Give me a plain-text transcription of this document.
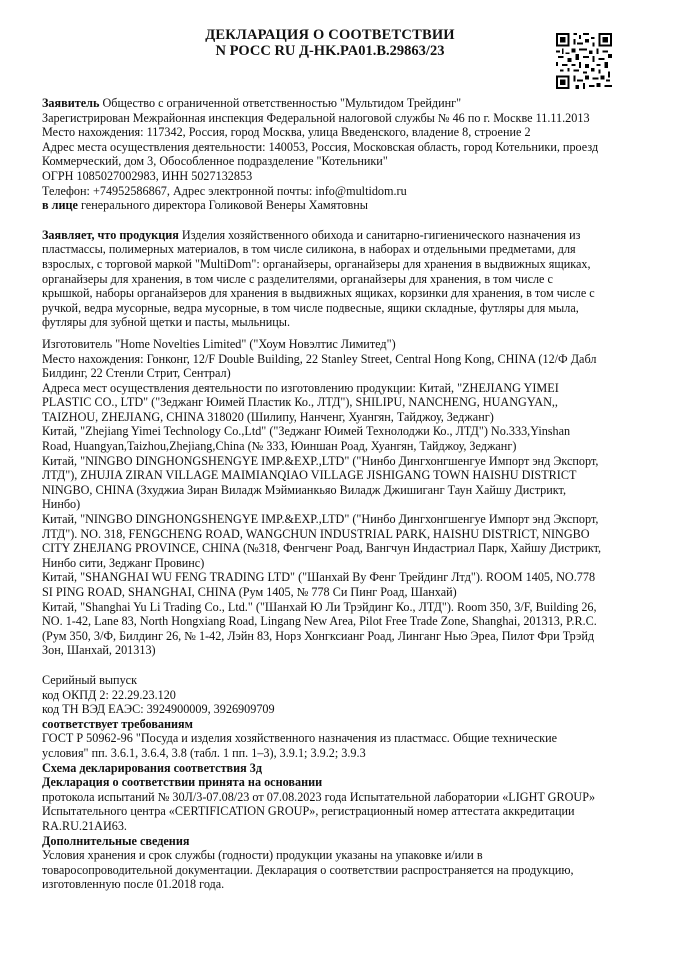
ДЕКЛАРАЦИЯ О СООТВЕТСТВИИ
N РОСС RU Д-HK.PA01.B.29863/23

Заявитель Общество с ограниченной ответственностью "Мультидом Трейдинг"

Зарегистрирован Межрайонная инспекция Федеральной налоговой службы № 46 по г. Москве 11.11.2013

Место нахождения: 117342, Россия, город Москва, улица Введенского, владение 8, строение 2

Адрес места осуществления деятельности: 140053, Россия, Московская область, город Котельники, проезд

Коммерческий, дом 3, Обособленное подразделение "Котельники"

ОГРН 1085027002983, ИНН 5027132853

Телефон: +74952586867, Адрес электронной почты: info@multidom.ru

в лице генерального директора Голиковой Венеры Хамятовны

Заявляет, что продукция Изделия хозяйственного обихода и санитарно-гигиенического назначения из

пластмассы, полимерных материалов, в том числе силикона, в наборах и отдельными предметами, для

взрослых, с торговой маркой "MultiDom": органайзеры, органайзеры для хранения в выдвижных ящиках,

органайзеры для хранения, в том числе с разделителями, органайзеры для хранения, в том числе с

крышкой, наборы органайзеров для хранения в выдвижных ящиках, корзинки для хранения, в том числе с

ручкой, ведра мусорные, ведра мусорные, в том числе подвесные, ящики складные, футляры для мыла,

футляры для зубной щетки и пасты, мыльницы.

Изготовитель "Home Novelties Limited" ("Хоум Новэлтис Лимитед")

Место нахождения: Гонконг, 12/F Double Building, 22 Stanley Street, Central Hong Kong, CHINA (12/Ф Дабл

Билдинг, 22 Стенли Стрит, Сентрал)

Адреса мест осуществления деятельности по изготовлению продукции: Китай, "ZHEJIANG YIMEI

PLASTIC CO., LTD" ("Зеджанг Юимей Пластик Ко., ЛТД"), SHILIPU, NANCHENG, HUANGYAN,,

TAIZHOU, ZHEJIANG, CHINA 318020 (Шилипу, Нанченг, Хуангян, Тайджоу, Зеджанг)

Китай, "Zhejiang Yimei Technology Co.,Ltd" ("Зеджанг Юимей Технолоджи Ко., ЛТД") No.333,Yinshan

Road, Huangyan,Taizhou,Zhejiang,China (№ 333, Юиншан Роад, Хуангян, Тайджоу, Зеджанг)

Китай, "NINGBO DINGHONGSHENGYE IMP.&EXP.,LTD" ("Нинбо Дингхонгшенгуе Импорт энд Экспорт,

ЛТД"), ZHUJIA ZIRAN VILLAGE MAIMIANQIAO VILLAGE JISHIGANG TOWN HAISHU DISTRICT

NINGBO, CHINA (Зхуджиа Зиран Виладж Мэймианкьяо Виладж Джишиганг Таун Хайшу Дистрикт,

Нинбо)

Китай, "NINGBO DINGHONGSHENGYE IMP.&EXP.,LTD" ("Нинбо Дингхонгшенгуе Импорт энд Экспорт,

ЛТД"). NO. 318, FENGCHENG ROAD, WANGCHUN INDUSTRIAL PARK, HAISHU DISTRICT, NINGBO

CITY ZHEJIANG PROVINCE, CHINA (№318, Фенгченг Роад, Вангчун Индастриал Парк, Хайшу Дистрикт,

Нинбо сити, Зеджанг Провинс)

Китай, "SHANGHAI WU FENG TRADING LTD" ("Шанхай Ву Фенг Трейдинг Лтд"). ROOM 1405, NO.778

SI PING ROAD, SHANGHAI, CHINA (Рум 1405, № 778 Си Пинг Роад, Шанхай)

Китай, "Shanghai Yu Li Trading Co., Ltd." ("Шанхай Ю Ли Трэйдинг Ко., ЛТД"). Room 350, 3/F, Building 26,

NO. 1-42, Lane 83, North Hongxiang Road, Lingang New Area, Pilot Free Trade Zone, Shanghai, 201313, P.R.C.

(Рум 350, 3/Ф, Билдинг 26, № 1-42, Лэйн 83, Норз Хонгксианг Роад, Линганг Нью Эреа, Пилот Фри Трэйд

Зон, Шанхай, 201313)

Серийный выпуск

код ОКПД 2: 22.29.23.120

код ТН ВЭД ЕАЭС: 3924900009, 3926909709

соответствует требованиям

ГОСТ Р 50962-96 "Посуда и изделия хозяйственного назначения из пластмасс. Общие технические

условия" пп. 3.6.1, 3.6.4, 3.8 (табл. 1 пп. 1–3), 3.9.1; 3.9.2; 3.9.3

Схема декларирования соответствия 3д

Декларация о соответствии принята на основании

протокола испытаний № 30Л/3-07.08/23 от 07.08.2023 года Испытательной лаборатории «LIGHT GROUP»

Испытательного центра «CERTIFICATION GROUP», регистрационный номер аттестата аккредитации

RA.RU.21АИ63.

Дополнительные сведения

Условия хранения и срок службы (годности) продукции указаны на упаковке и/или в

товаросопроводительной документации. Декларация о соответствии распространяется на продукцию,

изготовленную после 01.2018 года.
